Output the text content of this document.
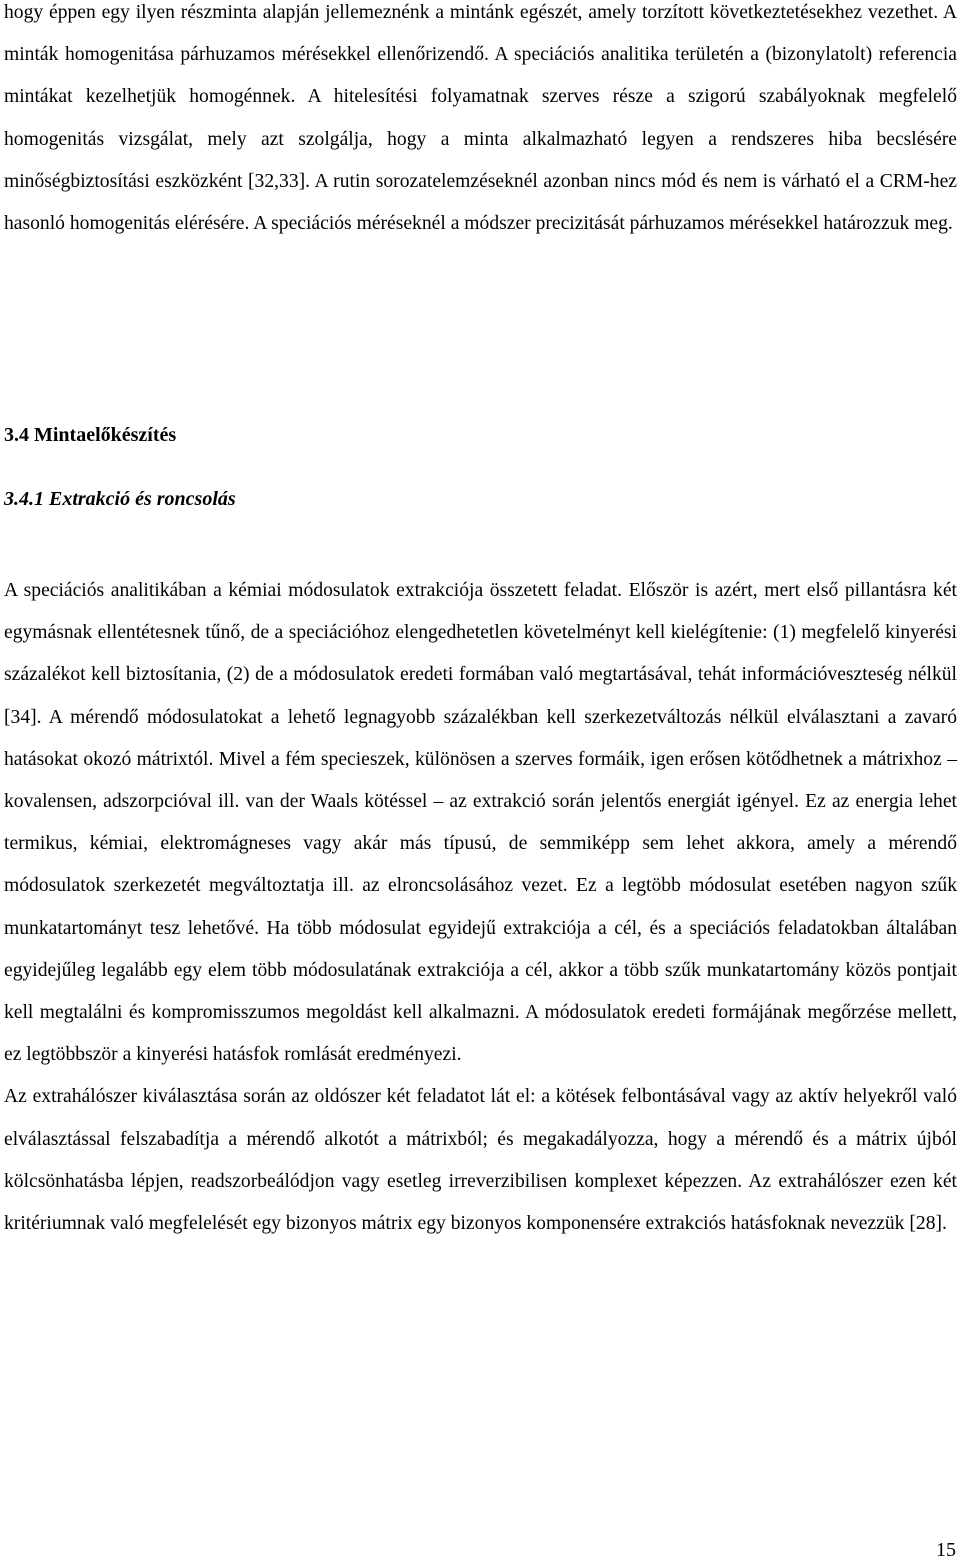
hogy éppen egy ilyen részminta alapján jellemeznénk a mintánk egészét, amely torzított következtetésekhez vezethet. A minták homogenitása párhuzamos mérésekkel ellenőrizendő. A speciációs analitika területén a (bizonylatolt) referencia mintákat kezelhetjük homogénnek. A hitelesítési folyamatnak szerves része a szigorú szabályoknak megfelelő homogenitás vizsgálat, mely azt szolgálja, hogy a minta alkalmazható legyen a rendszeres hiba becslésére minőségbiztosítási eszközként [32,33]. A rutin sorozatelemzéseknél azonban nincs mód és nem is várható el a CRM-hez hasonló homogenitás elérésére. A speciációs méréseknél a módszer precizitását párhuzamos mérésekkel határozzuk meg.

3.4 Mintaelőkészítés
3.4.1 Extrakció és roncsolás

A speciációs analitikában a kémiai módosulatok extrakciója összetett feladat. Először is azért, mert első pillantásra két egymásnak ellentétesnek tűnő, de a speciációhoz elengedhetetlen követelményt kell kielégítenie: (1) megfelelő kinyerési százalékot kell biztosítania, (2) de a módosulatok eredeti formában való megtartásával, tehát információveszteség nélkül [34]. A mérendő módosulatokat a lehető legnagyobb százalékban kell szerkezetváltozás nélkül elválasztani a zavaró hatásokat okozó mátrixtól. Mivel a fém specieszek, különösen a szerves formáik, igen erősen kötődhetnek a mátrixhoz – kovalensen, adszorpcióval ill. van der Waals kötéssel – az extrakció során jelentős energiát igényel. Ez az energia lehet termikus, kémiai, elektromágneses vagy akár más típusú, de semmiképp sem lehet akkora, amely a mérendő módosulatok szerkezetét megváltoztatja ill. az elroncsolásához vezet. Ez a legtöbb módosulat esetében nagyon szűk munkatartományt tesz lehetővé. Ha több módosulat egyidejű extrakciója a cél, és a speciációs feladatokban általában egyidejűleg legalább egy elem több módosulatának extrakciója a cél, akkor a több szűk munkatartomány közös pontjait kell megtalálni és kompromisszumos megoldást kell alkalmazni. A módosulatok eredeti formájának megőrzése mellett, ez legtöbbször a kinyerési hatásfok romlását eredményezi.

Az extrahálószer kiválasztása során az oldószer két feladatot lát el: a kötések felbontásával vagy az aktív helyekről való elválasztással felszabadítja a mérendő alkotót a mátrixból; és megakadályozza, hogy a mérendő és a mátrix újból kölcsönhatásba lépjen, readszorbeálódjon vagy esetleg irreverzibilisen komplexet képezzen. Az extrahálószer ezen két kritériumnak való megfelelését egy bizonyos mátrix egy bizonyos komponensére extrakciós hatásfoknak nevezzük [28].

15
